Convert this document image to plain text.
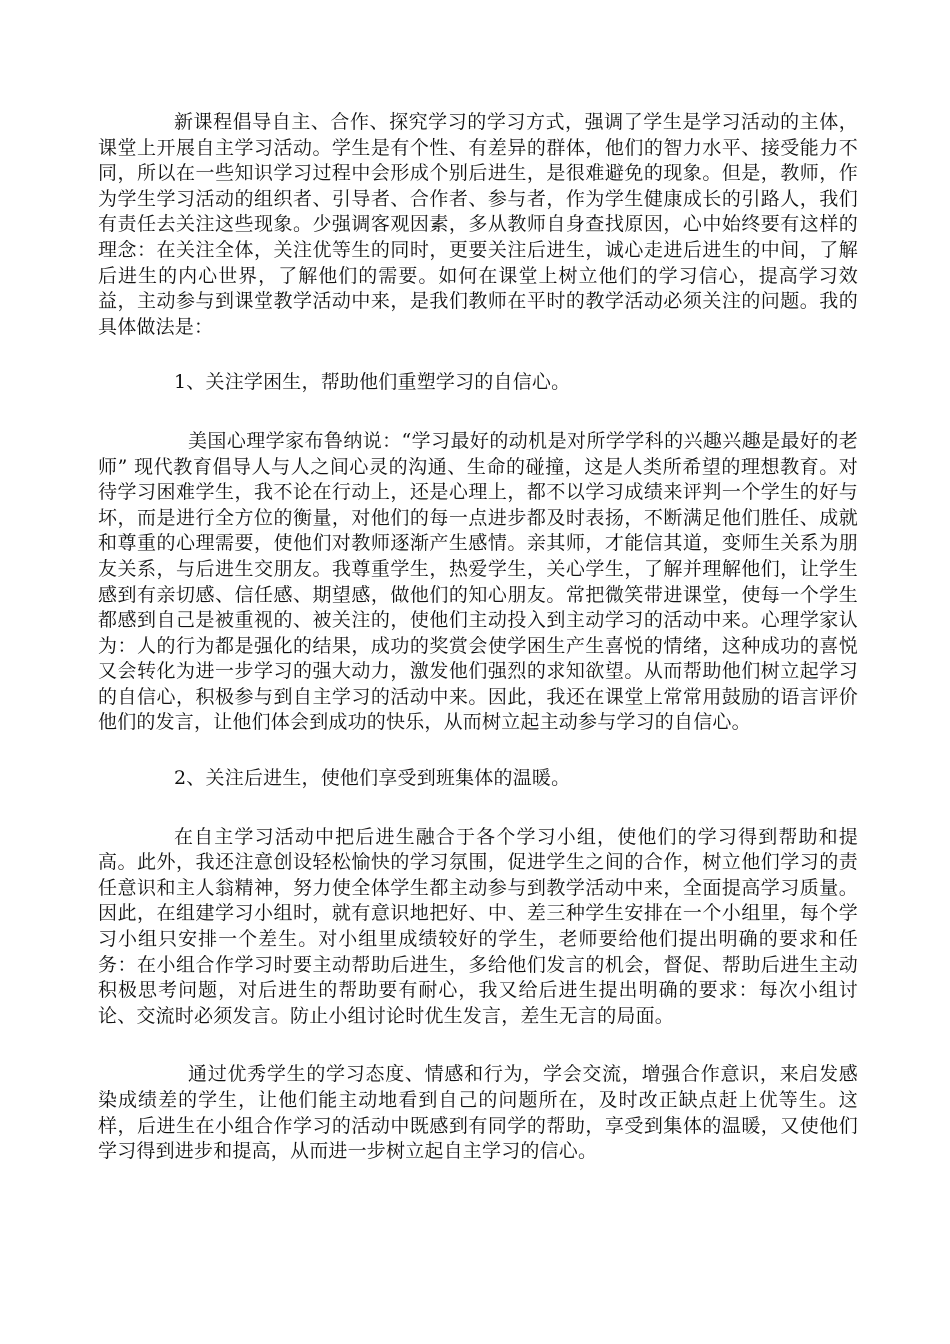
新课程倡导自主、合作、探究学习的学习方式，强调了学生是学习活动的主体，课堂上开展自主学习活动。学生是有个性、有差异的群体，他们的智力水平、接受能力不同，所以在一些知识学习过程中会形成个别后进生，是很难避免的现象。但是，教师，作为学生学习活动的组织者、引导者、合作者、参与者，作为学生健康成长的引路人，我们有责任去关注这些现象。少强调客观因素，多从教师自身查找原因，心中始终要有这样的理念：在关注全体，关注优等生的同时，更要关注后进生，诚心走进后进生的中间，了解后进生的内心世界，了解他们的需要。如何在课堂上树立他们的学习信心，提高学习效益，主动参与到课堂教学活动中来，是我们教师在平时的教学活动必须关注的问题。我的具体做法是：

1、关注学困生，帮助他们重塑学习的自信心。

美国心理学家布鲁纳说：“学习最好的动机是对所学学科的兴趣兴趣是最好的老师” 现代教育倡导人与人之间心灵的沟通、生命的碰撞，这是人类所希望的理想教育。对待学习困难学生，我不论在行动上，还是心理上，都不以学习成绩来评判一个学生的好与坏，而是进行全方位的衡量，对他们的每一点进步都及时表扬，不断满足他们胜任、成就和尊重的心理需要，使他们对教师逐渐产生感情。亲其师，才能信其道，变师生关系为朋友关系，与后进生交朋友。我尊重学生，热爱学生，关心学生，了解并理解他们，让学生感到有亲切感、信任感、期望感，做他们的知心朋友。常把微笑带进课堂，使每一个学生都感到自己是被重视的、被关注的，使他们主动投入到主动学习的活动中来。心理学家认为：人的行为都是强化的结果，成功的奖赏会使学困生产生喜悦的情绪，这种成功的喜悦又会转化为进一步学习的强大动力，激发他们强烈的求知欲望。从而帮助他们树立起学习的自信心，积极参与到自主学习的活动中来。因此，我还在课堂上常常用鼓励的语言评价他们的发言，让他们体会到成功的快乐，从而树立起主动参与学习的自信心。

2、关注后进生，使他们享受到班集体的温暖。

在自主学习活动中把后进生融合于各个学习小组，使他们的学习得到帮助和提高。此外，我还注意创设轻松愉快的学习氛围，促进学生之间的合作，树立他们学习的责任意识和主人翁精神，努力使全体学生都主动参与到教学活动中来，全面提高学习质量。因此，在组建学习小组时，就有意识地把好、中、差三种学生安排在一个小组里，每个学习小组只安排一个差生。对小组里成绩较好的学生，老师要给他们提出明确的要求和任务：在小组合作学习时要主动帮助后进生，多给他们发言的机会，督促、帮助后进生主动积极思考问题，对后进生的帮助要有耐心，我又给后进生提出明确的要求：每次小组讨论、交流时必须发言。防止小组讨论时优生发言，差生无言的局面。

通过优秀学生的学习态度、情感和行为，学会交流，增强合作意识，来启发感染成绩差的学生，让他们能主动地看到自己的问题所在，及时改正缺点赶上优等生。这样，后进生在小组合作学习的活动中既感到有同学的帮助，享受到集体的温暖，又使他们学习得到进步和提高，从而进一步树立起自主学习的信心。
